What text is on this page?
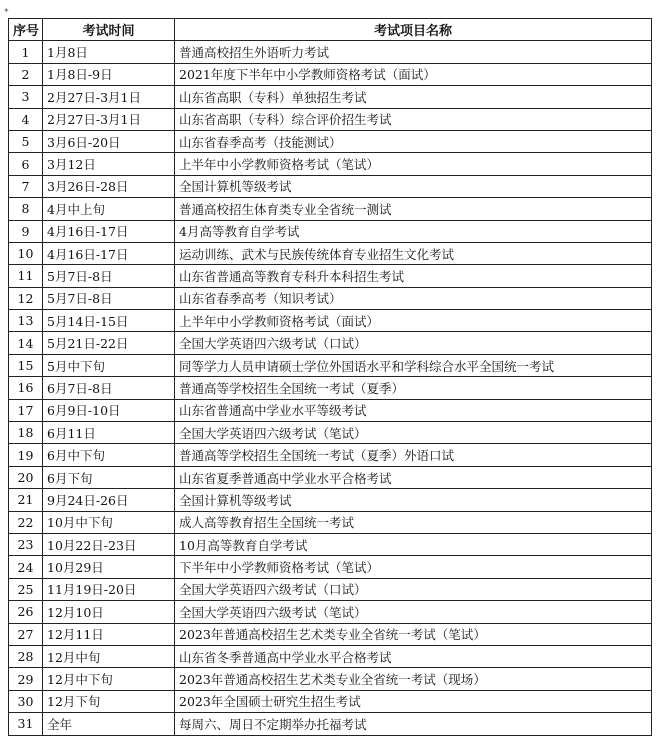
✦
序号	考试时间	考试项目名称
1	1月8日	普通高校招生外语听力考试
2	1月8日-9日	2021年度下半年中小学教师资格考试（面试）
3	2月27日-3月1日	山东省高职（专科）单独招生考试
4	2月27日-3月1日	山东省高职（专科）综合评价招生考试
5	3月6日-20日	山东省春季高考（技能测试）
6	3月12日	上半年中小学教师资格考试（笔试）
7	3月26日-28日	全国计算机等级考试
8	4月中上旬	普通高校招生体育类专业全省统一测试
9	4月16日-17日	4月高等教育自学考试
10	4月16日-17日	运动训练、武术与民族传统体育专业招生文化考试
11	5月7日-8日	山东省普通高等教育专科升本科招生考试
12	5月7日-8日	山东省春季高考（知识考试）
13	5月14日-15日	上半年中小学教师资格考试（面试）
14	5月21日-22日	全国大学英语四六级考试（口试）
15	5月中下旬	同等学力人员申请硕士学位外国语水平和学科综合水平全国统一考试
16	6月7日-8日	普通高等学校招生全国统一考试（夏季）
17	6月9日-10日	山东省普通高中学业水平等级考试
18	6月11日	全国大学英语四六级考试（笔试）
19	6月中下旬	普通高等学校招生全国统一考试（夏季）外语口试
20	6月下旬	山东省夏季普通高中学业水平合格考试
21	9月24日-26日	全国计算机等级考试
22	10月中下旬	成人高等教育招生全国统一考试
23	10月22日-23日	10月高等教育自学考试
24	10月29日	下半年中小学教师资格考试（笔试）
25	11月19日-20日	全国大学英语四六级考试（口试）
26	12月10日	全国大学英语四六级考试（笔试）
27	12月11日	2023年普通高校招生艺术类专业全省统一考试（笔试）
28	12月中旬	山东省冬季普通高中学业水平合格考试
29	12月中下旬	2023年普通高校招生艺术类专业全省统一考试（现场）
30	12月下旬	2023年全国硕士研究生招生考试
31	全年	每周六、周日不定期举办托福考试
